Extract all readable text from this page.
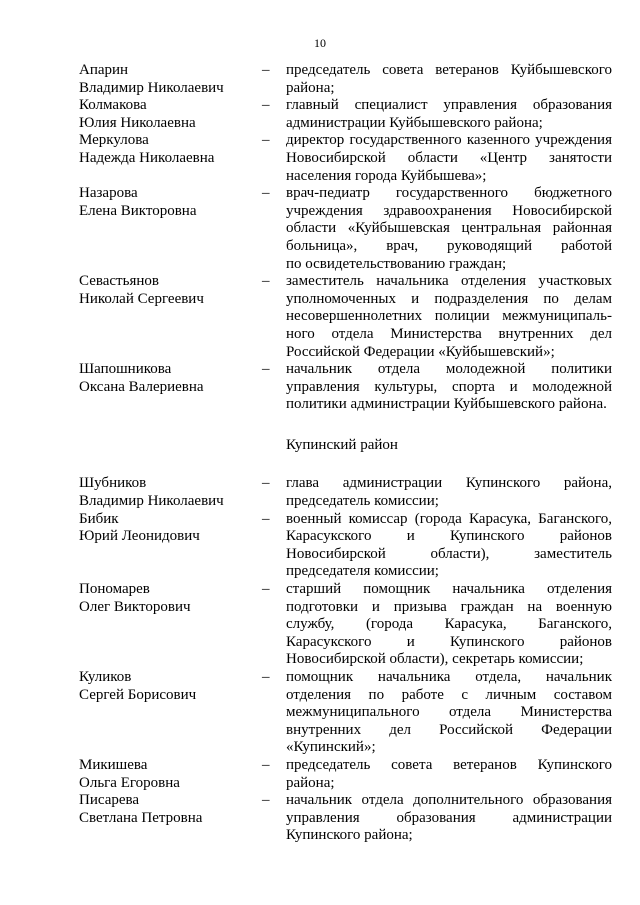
10
Апарин
Владимир Николаевич
– председатель совета ветеранов Куйбышевского
района;
Колмакова
Юлия Николаевна
– главный специалист управления образования
администрации Куйбышевского района;
Меркулова
Надежда Николаевна
– директор государственного казенного учреждения
Новосибирской области «Центр занятости
населения города Куйбышева»;
Назарова
Елена Викторовна
– врач-педиатр государственного бюджетного
учреждения здравоохранения Новосибирской
области «Куйбышевская центральная районная
больница», врач, руководящий работой
по освидетельствованию граждан;
Севастьянов
Николай Сергеевич
– заместитель начальника отделения участковых
уполномоченных и подразделения по делам
несовершеннолетних полиции межмуниципаль-
ного отдела Министерства внутренних дел
Российской Федерации «Куйбышевский»;
Шапошникова
Оксана Валериевна
– начальник отдела молодежной политики
управления культуры, спорта и молодежной
политики администрации Куйбышевского района.
Купинский район
Шубников
Владимир Николаевич
– глава администрации Купинского района,
председатель комиссии;
Бибик
Юрий Леонидович
– военный комиссар (города Карасука, Баганского,
Карасукского и Купинского районов
Новосибирской области), заместитель
председателя комиссии;
Пономарев
Олег Викторович
– старший помощник начальника отделения
подготовки и призыва граждан на военную
службу, (города Карасука, Баганского,
Карасукского и Купинского районов
Новосибирской области), секретарь комиссии;
Куликов
Сергей Борисович
– помощник начальника отдела, начальник
отделения по работе с личным составом
межмуниципального отдела Министерства
внутренних дел Российской Федерации
«Купинский»;
Микишева
Ольга Егоровна
– председатель совета ветеранов Купинского
района;
Писарева
Светлана Петровна
– начальник отдела дополнительного образования
управления образования администрации
Купинского района;
